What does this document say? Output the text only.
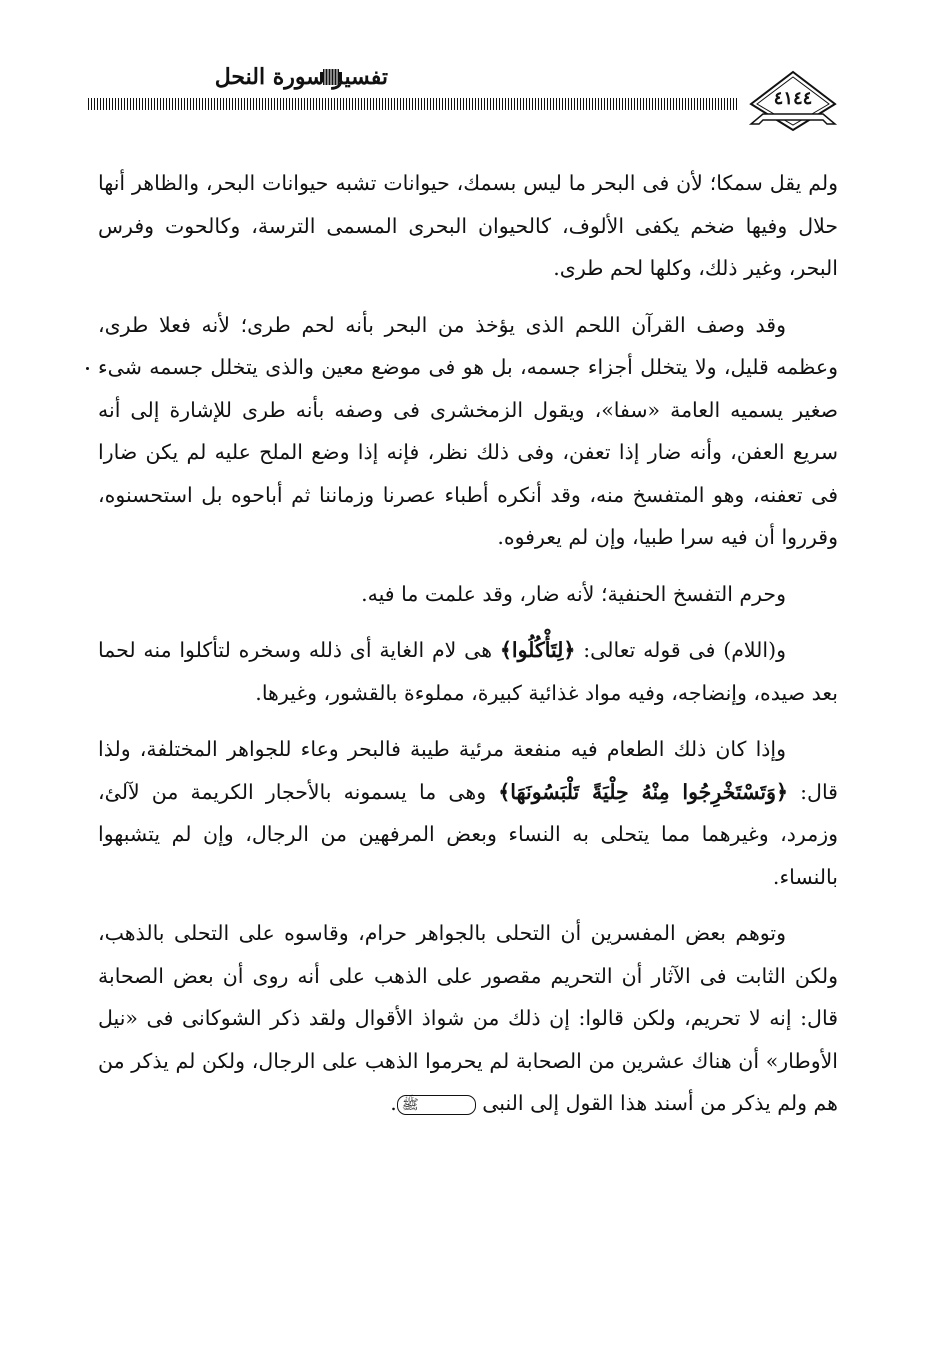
تفسير سورة النحل
٤١٤٤

ولم يقل سمكا؛ لأن فى البحر ما ليس بسمك، حيوانات تشبه حيوانات البحر، والظاهر أنها حلال وفيها ضخم يكفى الألوف، كالحيوان البحرى المسمى الترسة، وكالحوت وفرس البحر، وغير ذلك، وكلها لحم طرى.

وقد وصف القرآن اللحم الذى يؤخذ من البحر بأنه لحم طرى؛ لأنه فعلا طرى، وعظمه قليل، ولا يتخلل أجزاء جسمه، بل هو فى موضع معين والذى يتخلل جسمه شىء صغير يسميه العامة «سفا»، ويقول الزمخشرى فى وصفه بأنه طرى للإشارة إلى أنه سريع العفن، وأنه ضار إذا تعفن، وفى ذلك نظر، فإنه إذا وضع الملح عليه لم يكن ضارا فى تعفنه، وهو المتفسخ منه، وقد أنكره أطباء عصرنا وزماننا ثم أباحوه بل استحسنوه، وقرروا أن فيه سرا طبيا، وإن لم يعرفوه.

وحرم التفسخ الحنفية؛ لأنه ضار، وقد علمت ما فيه.

و(اللام) فى قوله تعالى: ﴿لِتَأْكُلُوا﴾ هى لام الغاية أى ذلله وسخره لتأكلوا منه لحما بعد صيده، وإنضاجه، وفيه مواد غذائية كبيرة، مملوءة بالقشور، وغيرها.

وإذا كان ذلك الطعام فيه منفعة مرئية طيبة فالبحر وعاء للجواهر المختلفة، ولذا قال: ﴿وَتَسْتَخْرِجُوا مِنْهُ حِلْيَةً تَلْبَسُونَهَا﴾ وهى ما يسمونه بالأحجار الكريمة من لآلئ، وزمرد، وغيرهما مما يتحلى به النساء وبعض المرفهين من الرجال، وإن لم يتشبهوا بالنساء.

وتوهم بعض المفسرين أن التحلى بالجواهر حرام، وقاسوه على التحلى بالذهب، ولكن الثابت فى الآثار أن التحريم مقصور على الذهب على أنه روى أن بعض الصحابة قال: إنه لا تحريم، ولكن قالوا: إن ذلك من شواذ الأقوال ولقد ذكر الشوكانى فى «نيل الأوطار» أن هناك عشرين من الصحابة لم يحرموا الذهب على الرجال، ولكن لم يذكر من هم ولم يذكر من أسند هذا القول إلى النبى ﷺ.
